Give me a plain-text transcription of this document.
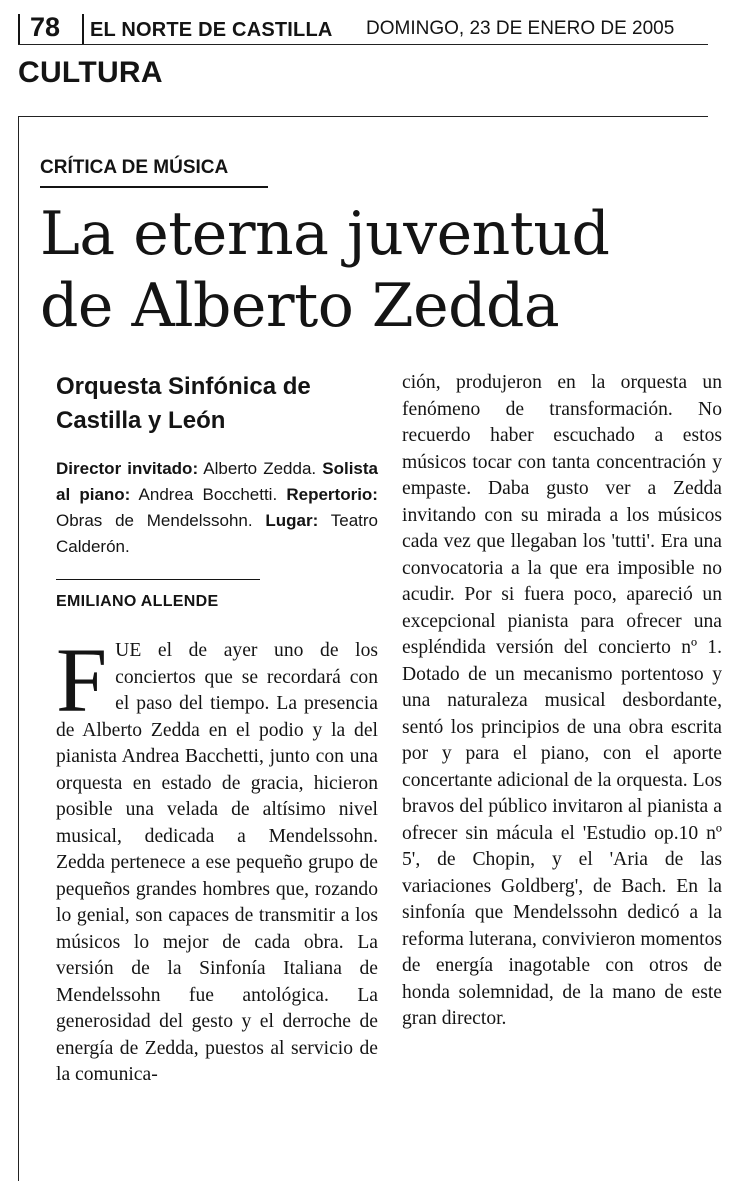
78 EL NORTE DE CASTILLA DOMINGO, 23 DE ENERO DE 2005
CULTURA
CRÍTICA DE MÚSICA
La eterna juventud
de Alberto Zedda
Orquesta Sinfónica de
Castilla y León
Director invitado: Alberto Zedda. Solista al piano: Andrea Bocchetti. Repertorio: Obras de Mendelssohn. Lugar: Teatro Calderón.
EMILIANO ALLENDE
F UE el de ayer uno de los conciertos que se recordará con el paso del tiempo. La presencia de Alberto Zedda en el podio y la del pianista Andrea Bacchetti, junto con una orquesta en estado de gracia, hicieron posible una velada de altísimo nivel musical, dedicada a Mendelssohn. Zedda pertenece a ese pequeño grupo de pequeños grandes hombres que, rozando lo genial, son capaces de transmitir a los músicos lo mejor de cada obra. La versión de la Sinfonía Italiana de Mendelssohn fue antológica. La generosidad del gesto y el derroche de energía de Zedda, puestos al servicio de la comunica-

ción, produjeron en la orquesta un fenómeno de transformación. No recuerdo haber escuchado a estos músicos tocar con tanta concentración y empaste. Daba gusto ver a Zedda invitando con su mirada a los músicos cada vez que llegaban los 'tutti'. Era una convocatoria a la que era imposible no acudir. Por si fuera poco, apareció un excepcional pianista para ofrecer una espléndida versión del concierto nº 1. Dotado de un mecanismo portentoso y una naturaleza musical desbordante, sentó los principios de una obra escrita por y para el piano, con el aporte concertante adicional de la orquesta. Los bravos del público invitaron al pianista a ofrecer sin mácula el 'Estudio op.10 nº 5', de Chopin, y el 'Aria de las variaciones Goldberg', de Bach. En la sinfonía que Mendelssohn dedicó a la reforma luterana, convivieron momentos de energía inagotable con otros de honda solemnidad, de la mano de este gran director.
